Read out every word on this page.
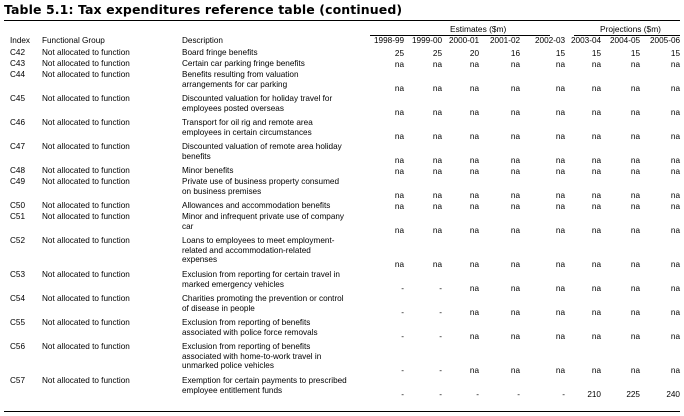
Table 5.1: Tax expenditures reference table (continued)
Estimates ($m)	Projections ($m)
Index Functional Group	Description	1998-99 1999-00 2000-01 2001-02 2002-03 2003-04 2004-05 2005-06
C42 Not allocated to function	Board fringe benefits	25	25	20	16	15	15	15	15
C43 Not allocated to function	Certain car parking fringe benefits	na	na	na	na	na	na	na	na
C44 Not allocated to function	Benefits resulting from valuation
arrangements for car parking
na	na	na	na	na	na	na	na
C45 Not allocated to function	Discounted valuation for holiday travel for
employees posted overseas
na	na	na	na	na	na	na	na
C46 Not allocated to function	Transport for oil rig and remote area
employees in certain circumstances
na	na	na	na	na	na	na	na
C47 Not allocated to function	Discounted valuation of remote area holiday
benefits
na	na	na	na	na	na	na	na
C48 Not allocated to function	Minor benefits	na	na	na	na	na	na	na	na
C49 Not allocated to function	Private use of business property consumed
on business premises
na	na	na	na	na	na	na	na
C50 Not allocated to function	Allowances and accommodation benefits	na	na	na	na	na	na	na	na
C51 Not allocated to function	Minor and infrequent private use of company
car
na	na	na	na	na	na	na	na
C52 Not allocated to function	Loans to employees to meet employment-
related and accommodation-related
expenses
na	na	na	na	na	na	na	na
C53 Not allocated to function	Exclusion from reporting for certain travel in
marked emergency vehicles
-	-	na	na	na	na	na	na
C54 Not allocated to function	Charities promoting the prevention or control
of disease in people
-	-	na	na	na	na	na	na
C55 Not allocated to function	Exclusion from reporting of benefits
associated with police force removals
-	-	na	na	na	na	na	na
C56 Not allocated to function	Exclusion from reporting of benefits
associated with home-to-work travel in
unmarked police vehicles
-	-	na	na	na	na	na	na
C57 Not allocated to function	Exemption for certain payments to prescribed
employee entitlement funds
-	-	-	-	-	210	225	240
